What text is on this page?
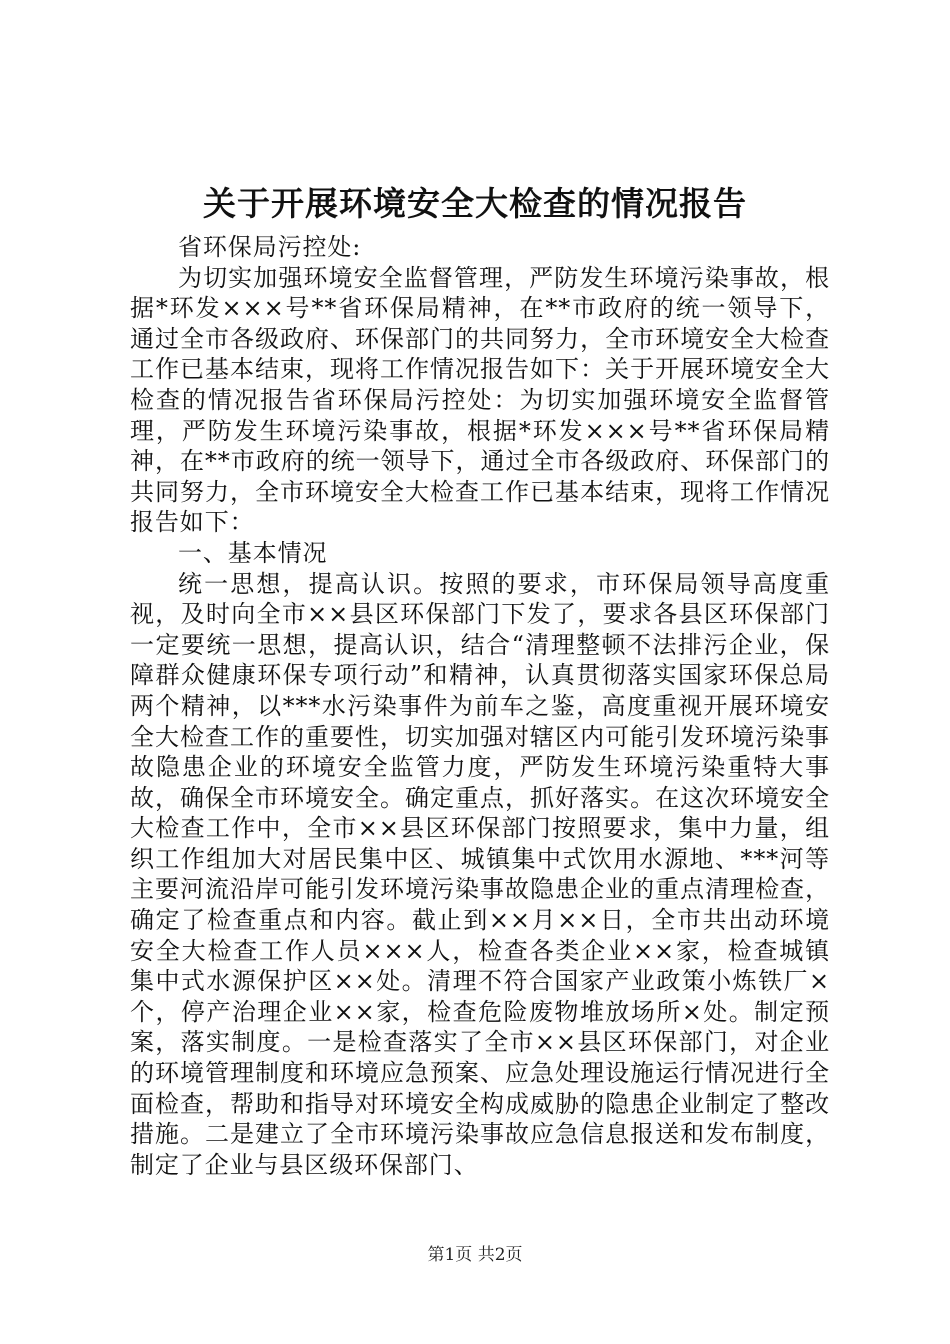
关于开展环境安全大检查的情况报告

省环保局污控处:

为切实加强环境安全监督管理，严防发生环境污染事故，根据*环发×××号**省环保局精神，在**市政府的统一领导下，通过全市各级政府、环保部门的共同努力，全市环境安全大检查工作已基本结束，现将工作情况报告如下：关于开展环境安全大检查的情况报告省环保局污控处：为切实加强环境安全监督管理，严防发生环境污染事故，根据*环发×××号**省环保局精神，在**市政府的统一领导下，通过全市各级政府、环保部门的共同努力，全市环境安全大检查工作已基本结束，现将工作情况报告如下：

一、基本情况

统一思想，提高认识。按照的要求，市环保局领导高度重视，及时向全市××县区环保部门下发了，要求各县区环保部门一定要统一思想，提高认识，结合“清理整顿不法排污企业，保障群众健康环保专项行动”和精神，认真贯彻落实国家环保总局两个精神，以***水污染事件为前车之鉴，高度重视开展环境安全大检查工作的重要性，切实加强对辖区内可能引发环境污染事故隐患企业的环境安全监管力度，严防发生环境污染重特大事故，确保全市环境安全。确定重点，抓好落实。在这次环境安全大检查工作中，全市××县区环保部门按照要求，集中力量，组织工作组加大对居民集中区、城镇集中式饮用水源地、***河等主要河流沿岸可能引发环境污染事故隐患企业的重点清理检查，确定了检查重点和内容。截止到××月××日，全市共出动环境安全大检查工作人员×××人，检查各类企业××家，检查城镇集中式水源保护区××处。清理不符合国家产业政策小炼铁厂×个，停产治理企业××家，检查危险废物堆放场所×处。制定预案，落实制度。一是检查落实了全市××县区环保部门，对企业的环境管理制度和环境应急预案、应急处理设施运行情况进行全面检查，帮助和指导对环境安全构成威胁的隐患企业制定了整改措施。二是建立了全市环境污染事故应急信息报送和发布制度，制定了企业与县区级环保部门、

第1页 共2页
